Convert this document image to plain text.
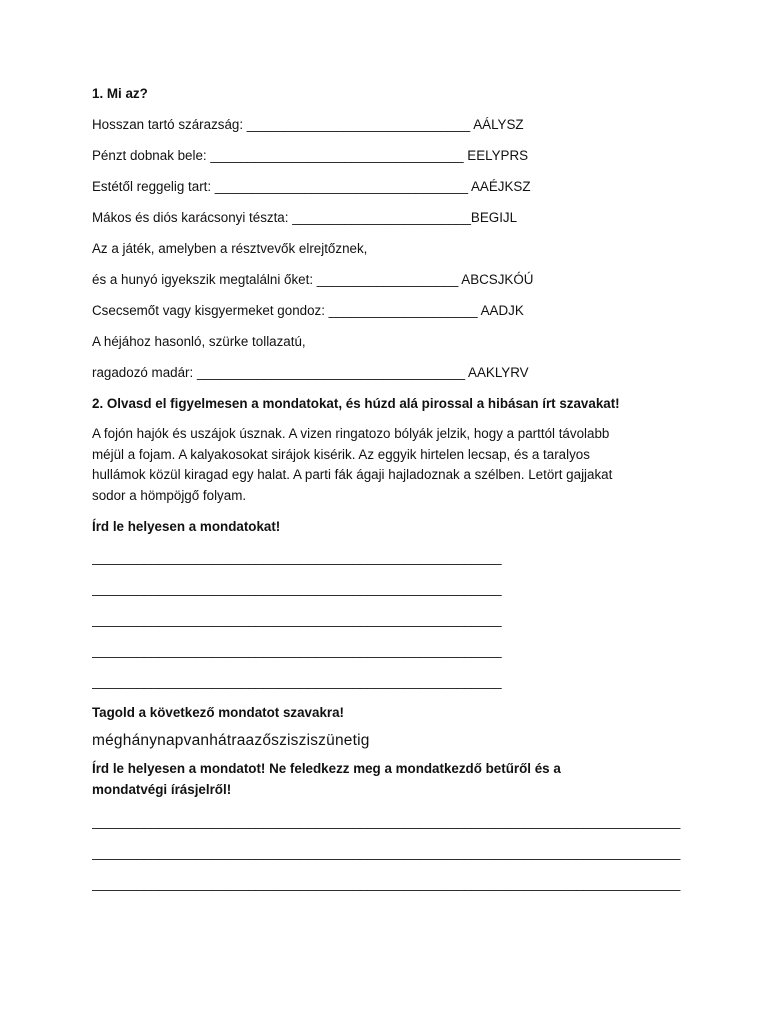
1. Mi az?
Hosszan tartó szárazság: ______________________________ AÁLYSZ
Pénzt dobnak bele: __________________________________ EELYPRS
Estétől reggelig tart: __________________________________ AAÉJKSZ
Mákos és diós karácsonyi tészta: ________________________BEGIJL
Az a játék, amelyben a résztvevők elrejtőznek,
és a hunyó igyekszik megtalálni őket: ___________________ ABCSJKÓÚ
Csecsemőt vagy kisgyermeket gondoz: ____________________ AADJK
A héjához hasonló, szürke tollazatú,
ragadozó madár: ____________________________________ AAKLYRV
2. Olvasd el figyelmesen a mondatokat, és húzd alá pirossal a hibásan írt szavakat!
A fojón hajók és uszájok úsznak. A vizen ringatozo bólyák jelzik, hogy a parttól távolabb
méjül a fojam. A kalyakosokat sirájok kisérik. Az eggyik hirtelen lecsap, és a taralyos
hullámok közül kiragad egy halat. A parti fák ágaji hajladoznak a szélben. Letört gajjakat
sodor a hömpöjgő folyam.
Írd le helyesen a mondatokat!
_______________________________________________________
_______________________________________________________
_______________________________________________________
_______________________________________________________
_______________________________________________________
Tagold a következő mondatot szavakra!
méghánynapvanhátraazőszisziszünetig
Írd le helyesen a mondatot! Ne feledkezz meg a mondatkezdő betűről és a
mondatvégi írásjelről!
_______________________________________________________________________________
_______________________________________________________________________________
_______________________________________________________________________________
